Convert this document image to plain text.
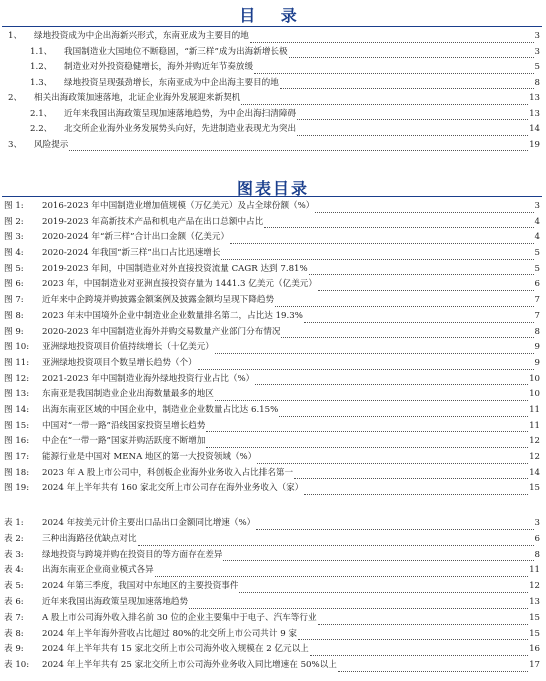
目 录
1、	绿地投资成为中企出海新兴形式，东南亚成为主要目的地	3
1.1、	我国制造业大国地位不断稳固，“新三样”成为出海新增长极	3
1.2、	制造业对外投资稳健增长，海外并购近年节奏放缓	5
1.3、	绿地投资呈现强劲增长，东南亚成为中企出海主要目的地	8
2、	相关出海政策加速落地，北证企业海外发展迎来新契机	13
2.1、	近年来我国出海政策呈现加速落地趋势，为中企出海扫清障碍	13
2.2、	北交所企业海外业务发展势头向好，先进制造业表现尤为突出	14
3、	风险提示	19
图表目录
图 1:	2016-2023 年中国制造业增加值规模（万亿美元）及占全球份额（%）	3
图 2:	2019-2023 年高新技术产品和机电产品在出口总额中占比	4
图 3:	2020-2024 年“新三样”合计出口金额（亿美元）	4
图 4:	2020-2024 年我国“新三样”出口占比迅速增长	5
图 5:	2019-2023 年间，中国制造业对外直接投资流量 CAGR 达到 7.81%	5
图 6:	2023 年，中国制造业对亚洲直接投资存量为 1441.3 亿美元（亿美元）	6
图 7:	近年来中企跨境并购披露金额案例及披露金额均呈现下降趋势	7
图 8:	2023 年末中国境外企业中制造业企业数量排名第二，占比达 19.3%	7
图 9:	2020-2023 年中国制造业海外并购交易数量产业部门分布情况	8
图 10:	亚洲绿地投资项目价值持续增长（十亿美元）	9
图 11:	亚洲绿地投资项目个数呈增长趋势（个）	9
图 12:	2021-2023 年中国制造业海外绿地投资行业占比（%）	10
图 13:	东南亚是我国制造业企业出海数量最多的地区	10
图 14:	出海东南亚区域的中国企业中，制造业企业数量占比达 6.15%	11
图 15:	中国对“一带一路”沿线国家投资呈增长趋势	11
图 16:	中企在“一带一路”国家并购活跃度不断增加	12
图 17:	能源行业是中国对 MENA 地区的第一大投资领域（%）	12
图 18:	2023 年 A 股上市公司中，科创板企业海外业务收入占比排名第一	14
图 19:	2024 年上半年共有 160 家北交所上市公司存在海外业务收入（家）	15
表 1:	2024 年按美元计价主要出口品出口金额同比增速（%）	3
表 2:	三种出海路径优缺点对比	6
表 3:	绿地投资与跨境并购在投资目的等方面存在差异	8
表 4:	出海东南亚企业商业模式各异	11
表 5:	2024 年第三季度，我国对中东地区的主要投资事件	12
表 6:	近年来我国出海政策呈现加速落地趋势	13
表 7:	A 股上市公司海外收入排名前 30 位的企业主要集中于电子、汽车等行业	15
表 8:	2024 年上半年海外营收占比超过 80%的北交所上市公司共计 9 家	15
表 9:	2024 年上半年共有 15 家北交所上市公司海外收入规模在 2 亿元以上	16
表 10:	2024 年上半年共有 25 家北交所上市公司海外业务收入同比增速在 50%以上	17
